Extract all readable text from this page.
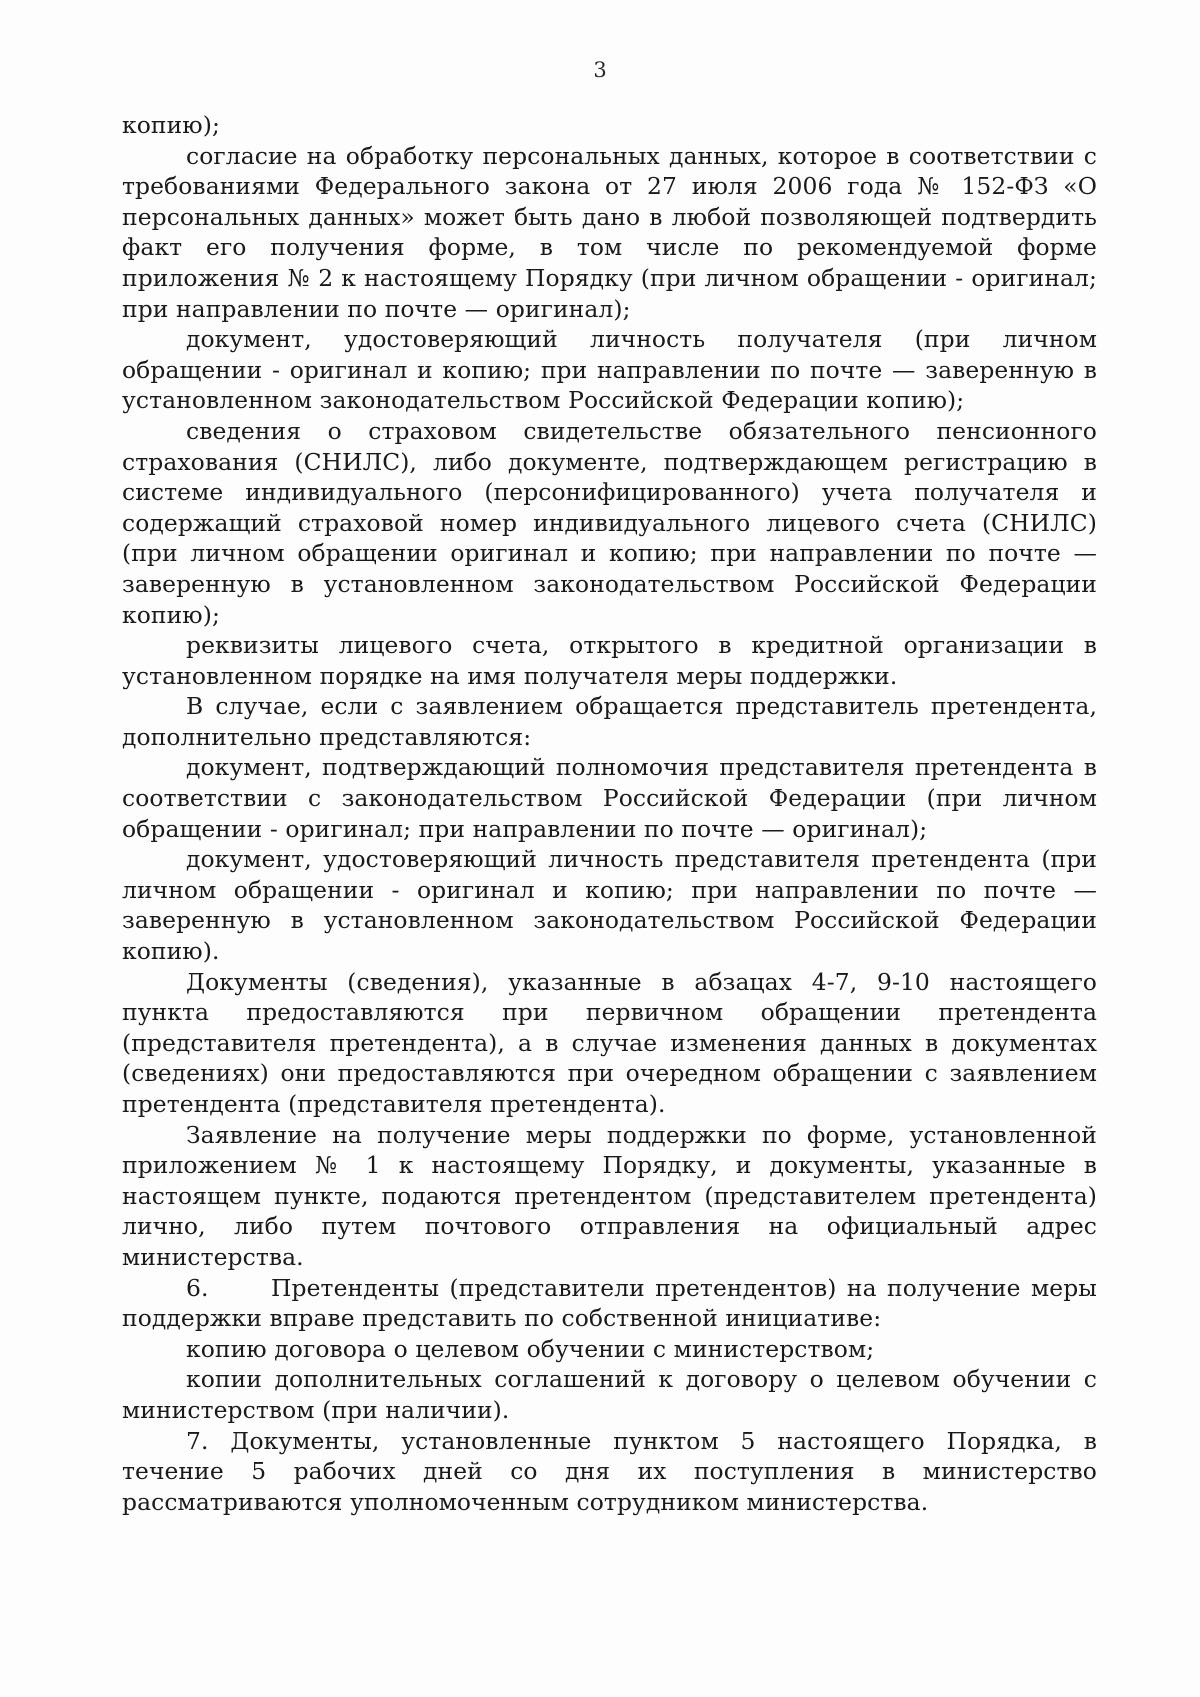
3

копию);

согласие на обработку персональных данных, которое в соответствии с требованиями Федерального закона от 27 июля 2006 года № 152-ФЗ «О персональных данных» может быть дано в любой позволяющей подтвердить факт его получения форме, в том числе по рекомендуемой форме приложения № 2 к настоящему Порядку (при личном обращении - оригинал; при направлении по почте — оригинал);

документ, удостоверяющий личность получателя (при личном обращении - оригинал и копию; при направлении по почте — заверенную в установленном законодательством Российской Федерации копию);

сведения о страховом свидетельстве обязательного пенсионного страхования (СНИЛС), либо документе, подтверждающем регистрацию в системе индивидуального (персонифицированного) учета получателя и содержащий страховой номер индивидуального лицевого счета (СНИЛС) (при личном обращении оригинал и копию; при направлении по почте — заверенную в установленном законодательством Российской Федерации копию);

реквизиты лицевого счета, открытого в кредитной организации в установленном порядке на имя получателя меры поддержки.

В случае, если с заявлением обращается представитель претендента, дополнительно представляются:

документ, подтверждающий полномочия представителя претендента в соответствии с законодательством Российской Федерации (при личном обращении - оригинал; при направлении по почте — оригинал);

документ, удостоверяющий личность представителя претендента (при личном обращении - оригинал и копию; при направлении по почте — заверенную в установленном законодательством Российской Федерации копию).

Документы (сведения), указанные в абзацах 4-7, 9-10 настоящего пункта предоставляются при первичном обращении претендента (представителя претендента), а в случае изменения данных в документах (сведениях) они предоставляются при очередном обращении с заявлением претендента (представителя претендента).

Заявление на получение меры поддержки по форме, установленной приложением № 1 к настоящему Порядку, и документы, указанные в настоящем пункте, подаются претендентом (представителем претендента) лично, либо путем почтового отправления на официальный адрес министерства.

6.      Претенденты (представители претендентов) на получение меры поддержки вправе представить по собственной инициативе:

копию договора о целевом обучении с министерством;

копии дополнительных соглашений к договору о целевом обучении с министерством (при наличии).

7. Документы, установленные пунктом 5 настоящего Порядка, в течение 5 рабочих дней со дня их поступления в министерство рассматриваются уполномоченным сотрудником министерства.
